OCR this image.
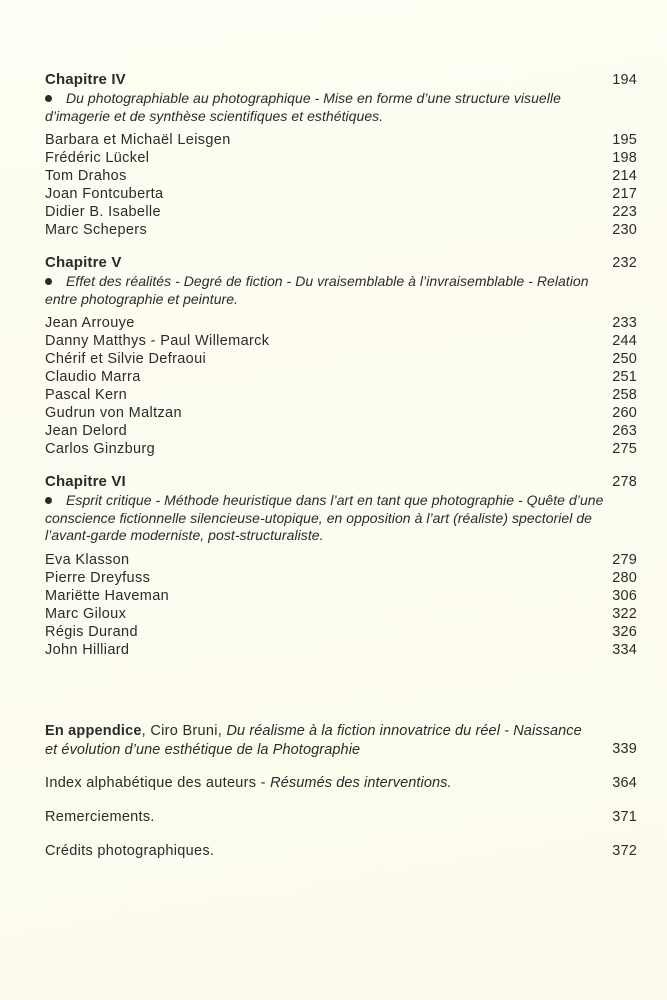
Chapitre IV	194
Du photographiable au photographique - Mise en forme d’une structure visuelle d’imagerie et de synthèse scientifiques et esthétiques.
Barbara et Michaël Leisgen	195
Frédéric Lückel	198
Tom Drahos	214
Joan Fontcuberta	217
Didier B. Isabelle	223
Marc Schepers	230
Chapitre V	232
Effet des réalités - Degré de fiction - Du vraisemblable à l’invraisemblable - Relation entre photographie et peinture.
Jean Arrouye	233
Danny Matthys - Paul Willemarck	244
Chérif et Silvie Defraoui	250
Claudio Marra	251
Pascal Kern	258
Gudrun von Maltzan	260
Jean Delord	263
Carlos Ginzburg	275
Chapitre VI	278
Esprit critique - Méthode heuristique dans l’art en tant que photographie - Quête d’une conscience fictionnelle silencieuse-utopique, en opposition à l’art (réaliste) spectoriel de l’avant-garde moderniste, post-structuraliste.
Eva Klasson	279
Pierre Dreyfuss	280
Mariëtte Haveman	306
Marc Giloux	322
Régis Durand	326
John Hilliard	334
En appendice, Ciro Bruni, Du réalisme à la fiction innovatrice du réel - Naissance et évolution d’une esthétique de la Photographie	339
Index alphabétique des auteurs - Résumés des interventions.	364
Remerciements.	371
Crédits photographiques.	372
